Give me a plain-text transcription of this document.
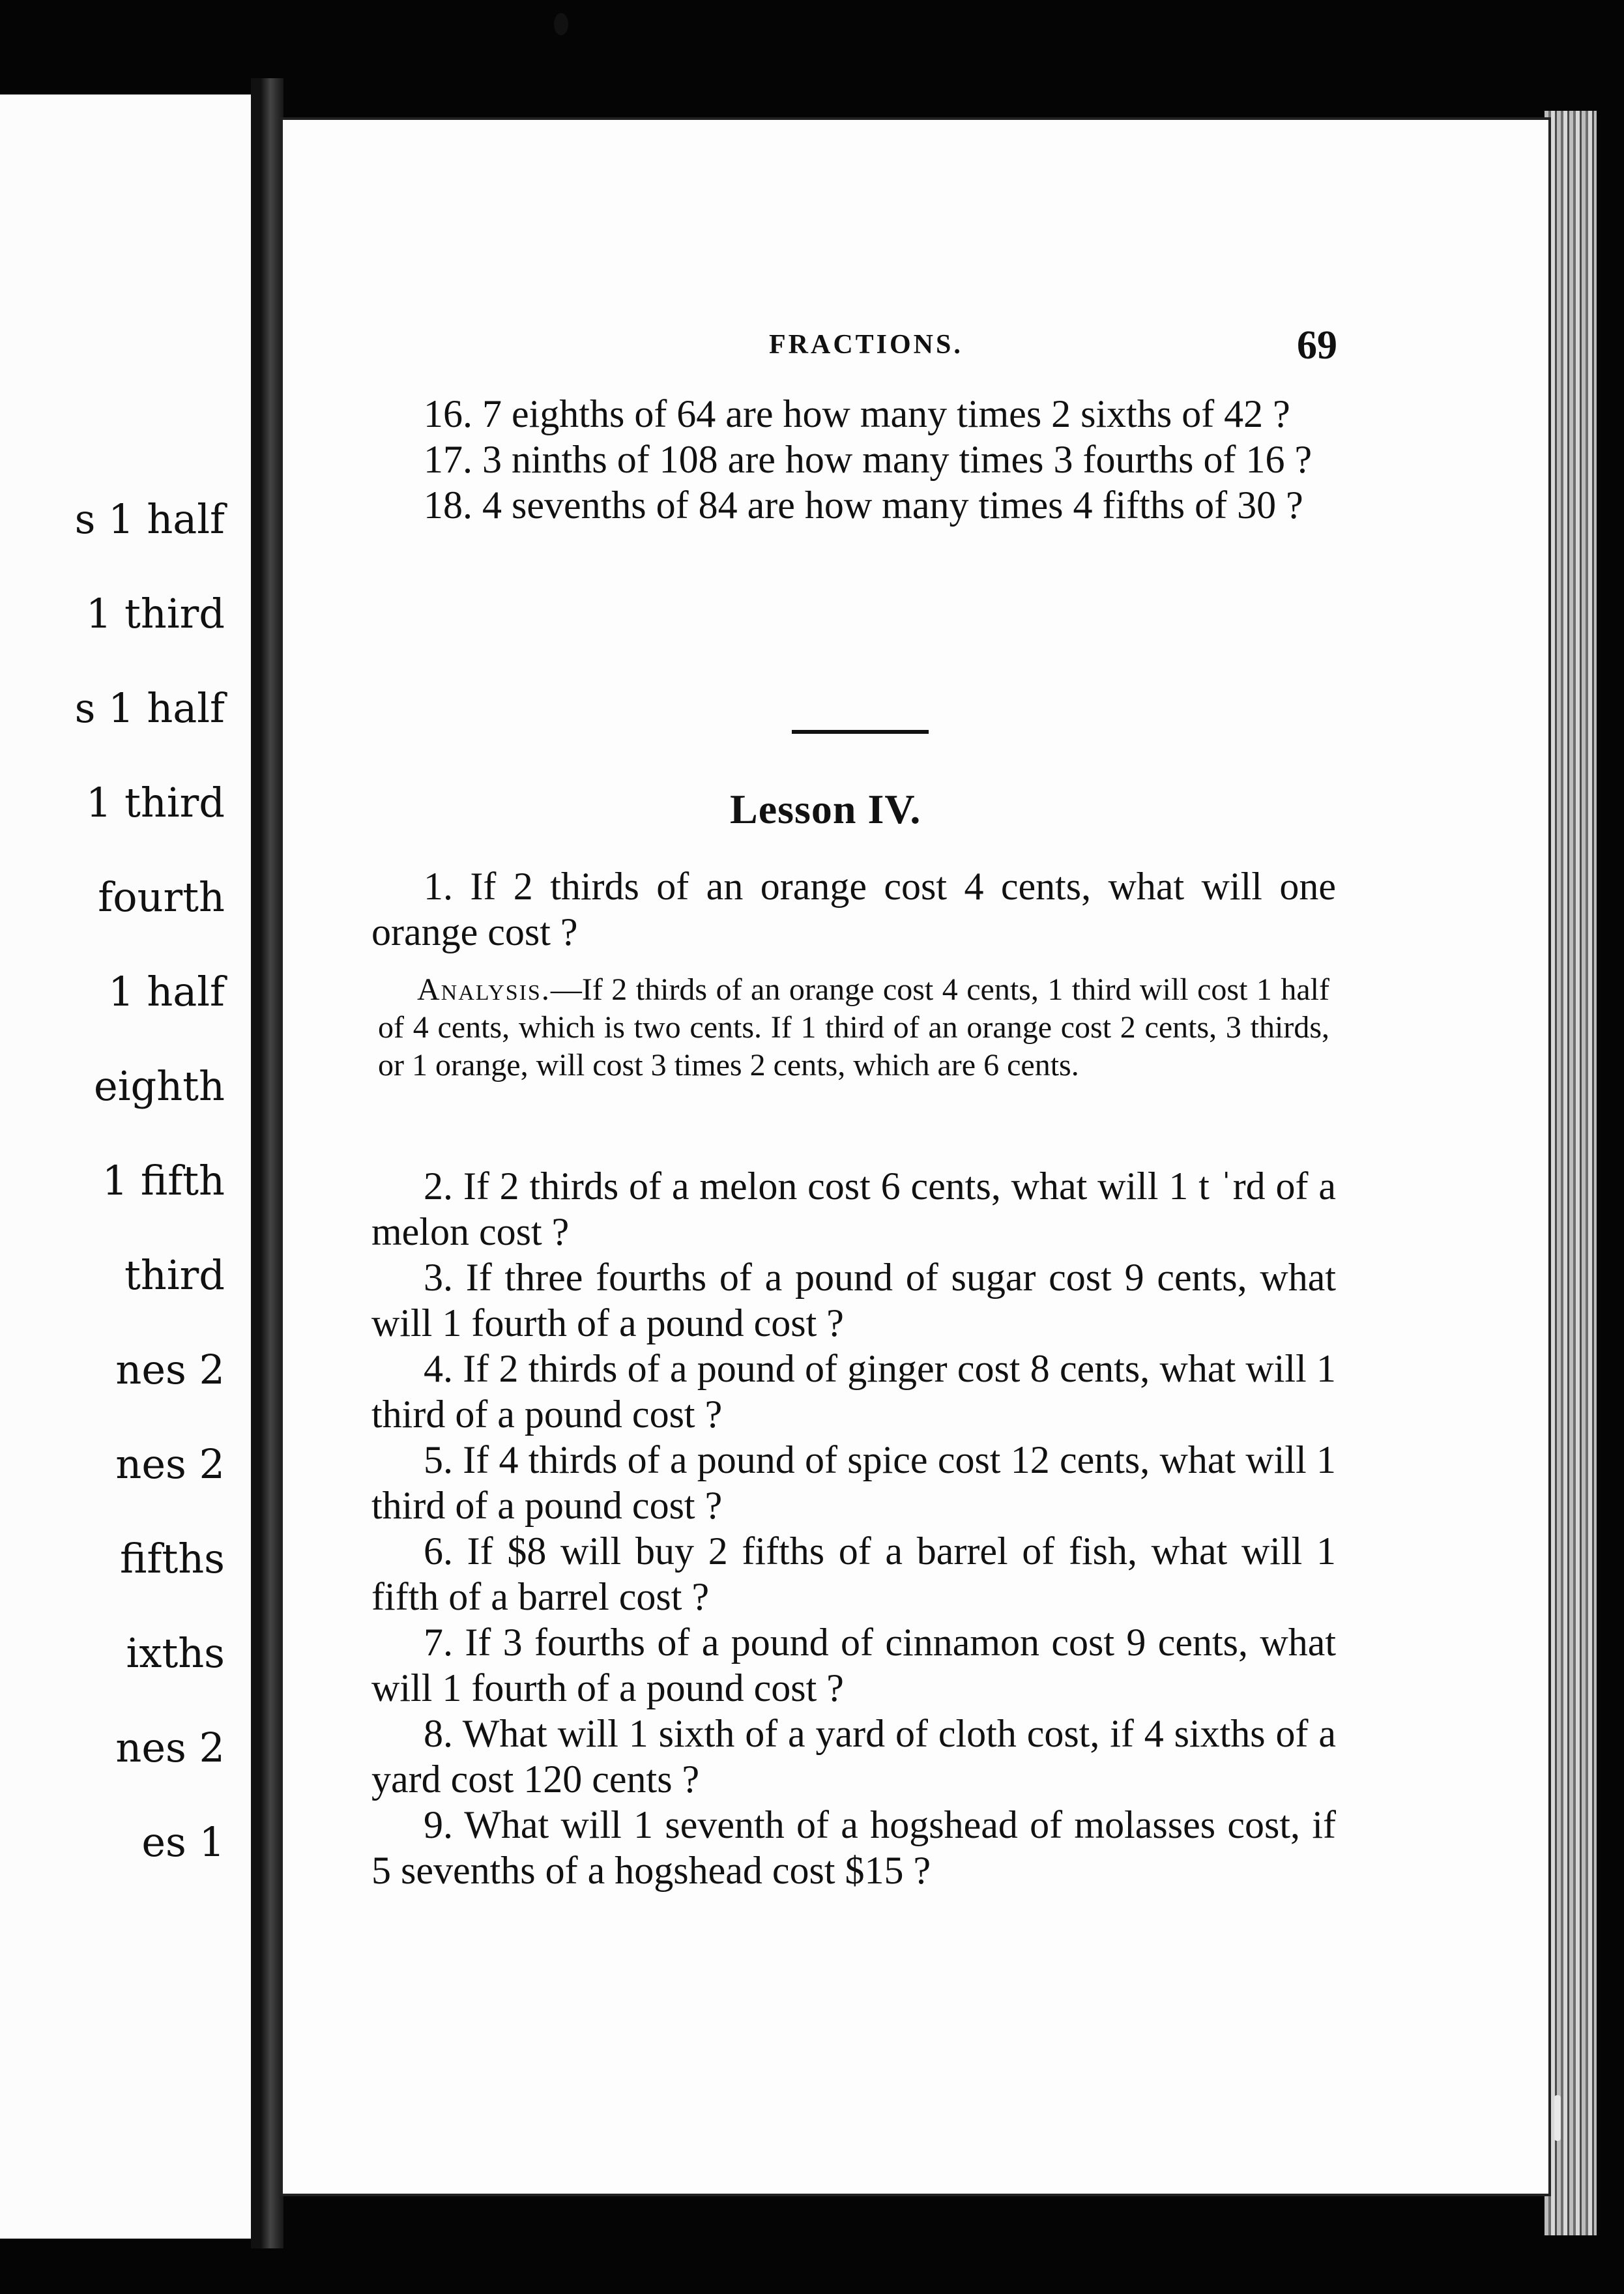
s 1 half
1 third
s 1 half
1 third
fourth
1 half
eighth
1 fifth
third
nes 2
nes 2
fifths
ixths
nes 2
es 1
FRACTIONS.	69

16. 7 eighths of 64 are how many times 2 sixths of 42 ?

17. 3 ninths of 108 are how many times 3 fourths of 16 ?

18. 4 sevenths of 84 are how many times 4 fifths of 30 ?

Lesson IV.

1. If 2 thirds of an orange cost 4 cents, what will one orange cost ?

Analysis.—If 2 thirds of an orange cost 4 cents, 1 third will cost 1 half of 4 cents, which is two cents. If 1 third of an orange cost 2 cents, 3 thirds, or 1 orange, will cost 3 times 2 cents, which are 6 cents.

2. If 2 thirds of a melon cost 6 cents, what will 1 t ˈrd of a melon cost ?

3. If three fourths of a pound of sugar cost 9 cents, what will 1 fourth of a pound cost ?

4. If 2 thirds of a pound of ginger cost 8 cents, what will 1 third of a pound cost ?

5. If 4 thirds of a pound of spice cost 12 cents, what will 1 third of a pound cost ?

6. If $8 will buy 2 fifths of a barrel of fish, what will 1 fifth of a barrel cost ?

7. If 3 fourths of a pound of cinnamon cost 9 cents, what will 1 fourth of a pound cost ?

8. What will 1 sixth of a yard of cloth cost, if 4 sixths of a yard cost 120 cents ?

9. What will 1 seventh of a hogshead of molasses cost, if 5 sevenths of a hogshead cost $15 ?
